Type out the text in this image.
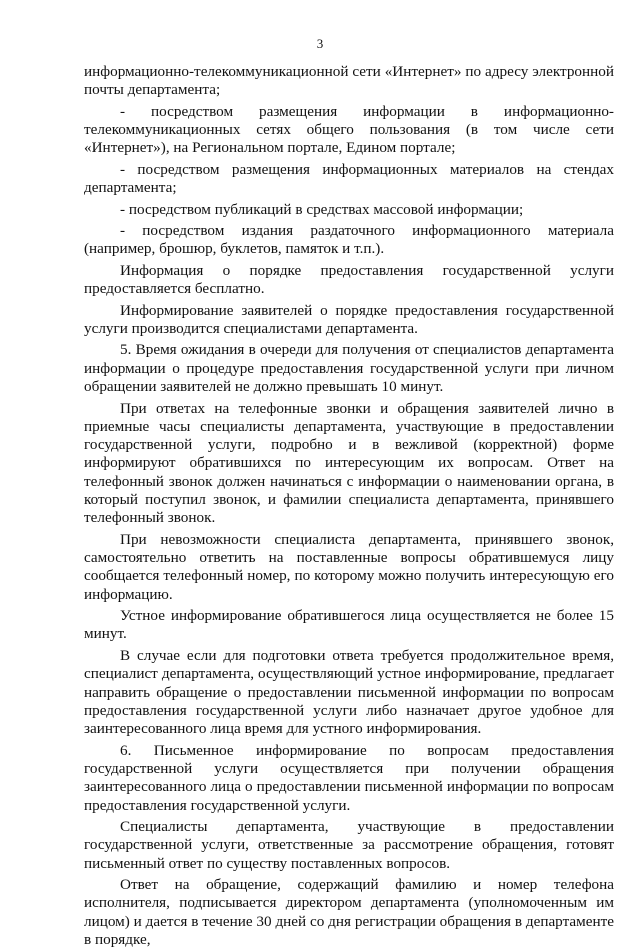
3

информационно-телекоммуникационной сети «Интернет» по адресу электронной почты департамента;

- посредством размещения информации в информационно-телекоммуникационных сетях общего пользования (в том числе сети «Интернет»), на Региональном портале, Едином портале;

- посредством размещения информационных материалов на стендах департамента;

- посредством публикаций в средствах массовой информации;

- посредством издания раздаточного информационного материала (например, брошюр, буклетов, памяток и т.п.).

Информация о порядке предоставления государственной услуги предоставляется бесплатно.

Информирование заявителей о порядке предоставления государственной услуги производится специалистами департамента.

5. Время ожидания в очереди для получения от специалистов департамента информации о процедуре предоставления государственной услуги при личном обращении заявителей не должно превышать 10 минут.

При ответах на телефонные звонки и обращения заявителей лично в приемные часы специалисты департамента, участвующие в предоставлении государственной услуги, подробно и в вежливой (корректной) форме информируют обратившихся по интересующим их вопросам. Ответ на телефонный звонок должен начинаться с информации о наименовании органа, в который поступил звонок, и фамилии специалиста департамента, принявшего телефонный звонок.

При невозможности специалиста департамента, принявшего звонок, самостоятельно ответить на поставленные вопросы обратившемуся лицу сообщается телефонный номер, по которому можно получить интересующую его информацию.

Устное информирование обратившегося лица осуществляется не более 15 минут.

В случае если для подготовки ответа требуется продолжительное время, специалист департамента, осуществляющий устное информирование, предлагает направить обращение о предоставлении письменной информации по вопросам предоставления государственной услуги либо назначает другое удобное для заинтересованного лица время для устного информирования.

6. Письменное информирование по вопросам предоставления государственной услуги осуществляется при получении обращения заинтересованного лица о предоставлении письменной информации по вопросам предоставления государственной услуги.

Специалисты департамента, участвующие в предоставлении государственной услуги, ответственные за рассмотрение обращения, готовят письменный ответ по существу поставленных вопросов.

Ответ на обращение, содержащий фамилию и номер телефона исполнителя, подписывается директором департамента (уполномоченным им лицом) и дается в течение 30 дней со дня регистрации обращения в департаменте в порядке,
